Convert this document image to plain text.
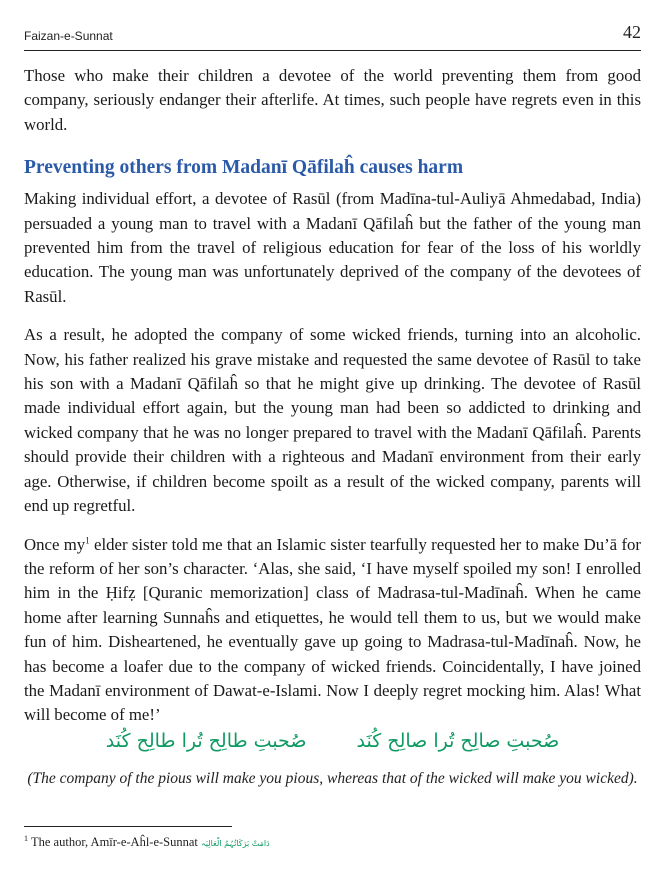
Faizan-e-Sunnat	42

Those who make their children a devotee of the world preventing them from good company, seriously endanger their afterlife. At times, such people have regrets even in this world.

Preventing others from Madanī Qāfilaĥ causes harm

Making individual effort, a devotee of Rasūl (from Madīna-tul-Auliyā Ahmedabad, India) persuaded a young man to travel with a Madanī Qāfilaĥ but the father of the young man prevented him from the travel of religious education for fear of the loss of his worldly education. The young man was unfortunately deprived of the company of the devotees of Rasūl.

As a result, he adopted the company of some wicked friends, turning into an alcoholic. Now, his father realized his grave mistake and requested the same devotee of Rasūl to take his son with a Madanī Qāfilaĥ so that he might give up drinking. The devotee of Rasūl made individual effort again, but the young man had been so addicted to drinking and wicked company that he was no longer prepared to travel with the Madanī Qāfilaĥ. Parents should provide their children with a righteous and Madanī environment from their early age. Otherwise, if children become spoilt as a result of the wicked company, parents will end up regretful.

Once my$^1$ elder sister told me that an Islamic sister tearfully requested her to make Du’ā for the reform of her son’s character. ‘Alas, she said, ‘I have myself spoiled my son! I enrolled him in the Ḥifẓ [Quranic memorization] class of Madrasa-tul-Madīnaĥ. When he came home after learning Sunnaĥs and etiquettes, he would tell them to us, but we would make fun of him. Disheartened, he eventually gave up going to Madrasa-tul-Madīnaĥ. Now, he has become a loafer due to the company of wicked friends. Coincidentally, I have joined the Madanī environment of Dawat-e-Islami. Now I deeply regret mocking him. Alas! What will become of me!’

صُحبتِ صالِح تُرا صالِح کُنَد صُحبتِ طالِح تُرا طالِح کُنَد
(The company of the pious will make you pious, whereas that of the wicked will make you wicked).
$^1$ The author, Amīr-e-Aĥl-e-Sunnat دَامَتْ بَرَکَاتُہُمُ الْعَالِیَہ
